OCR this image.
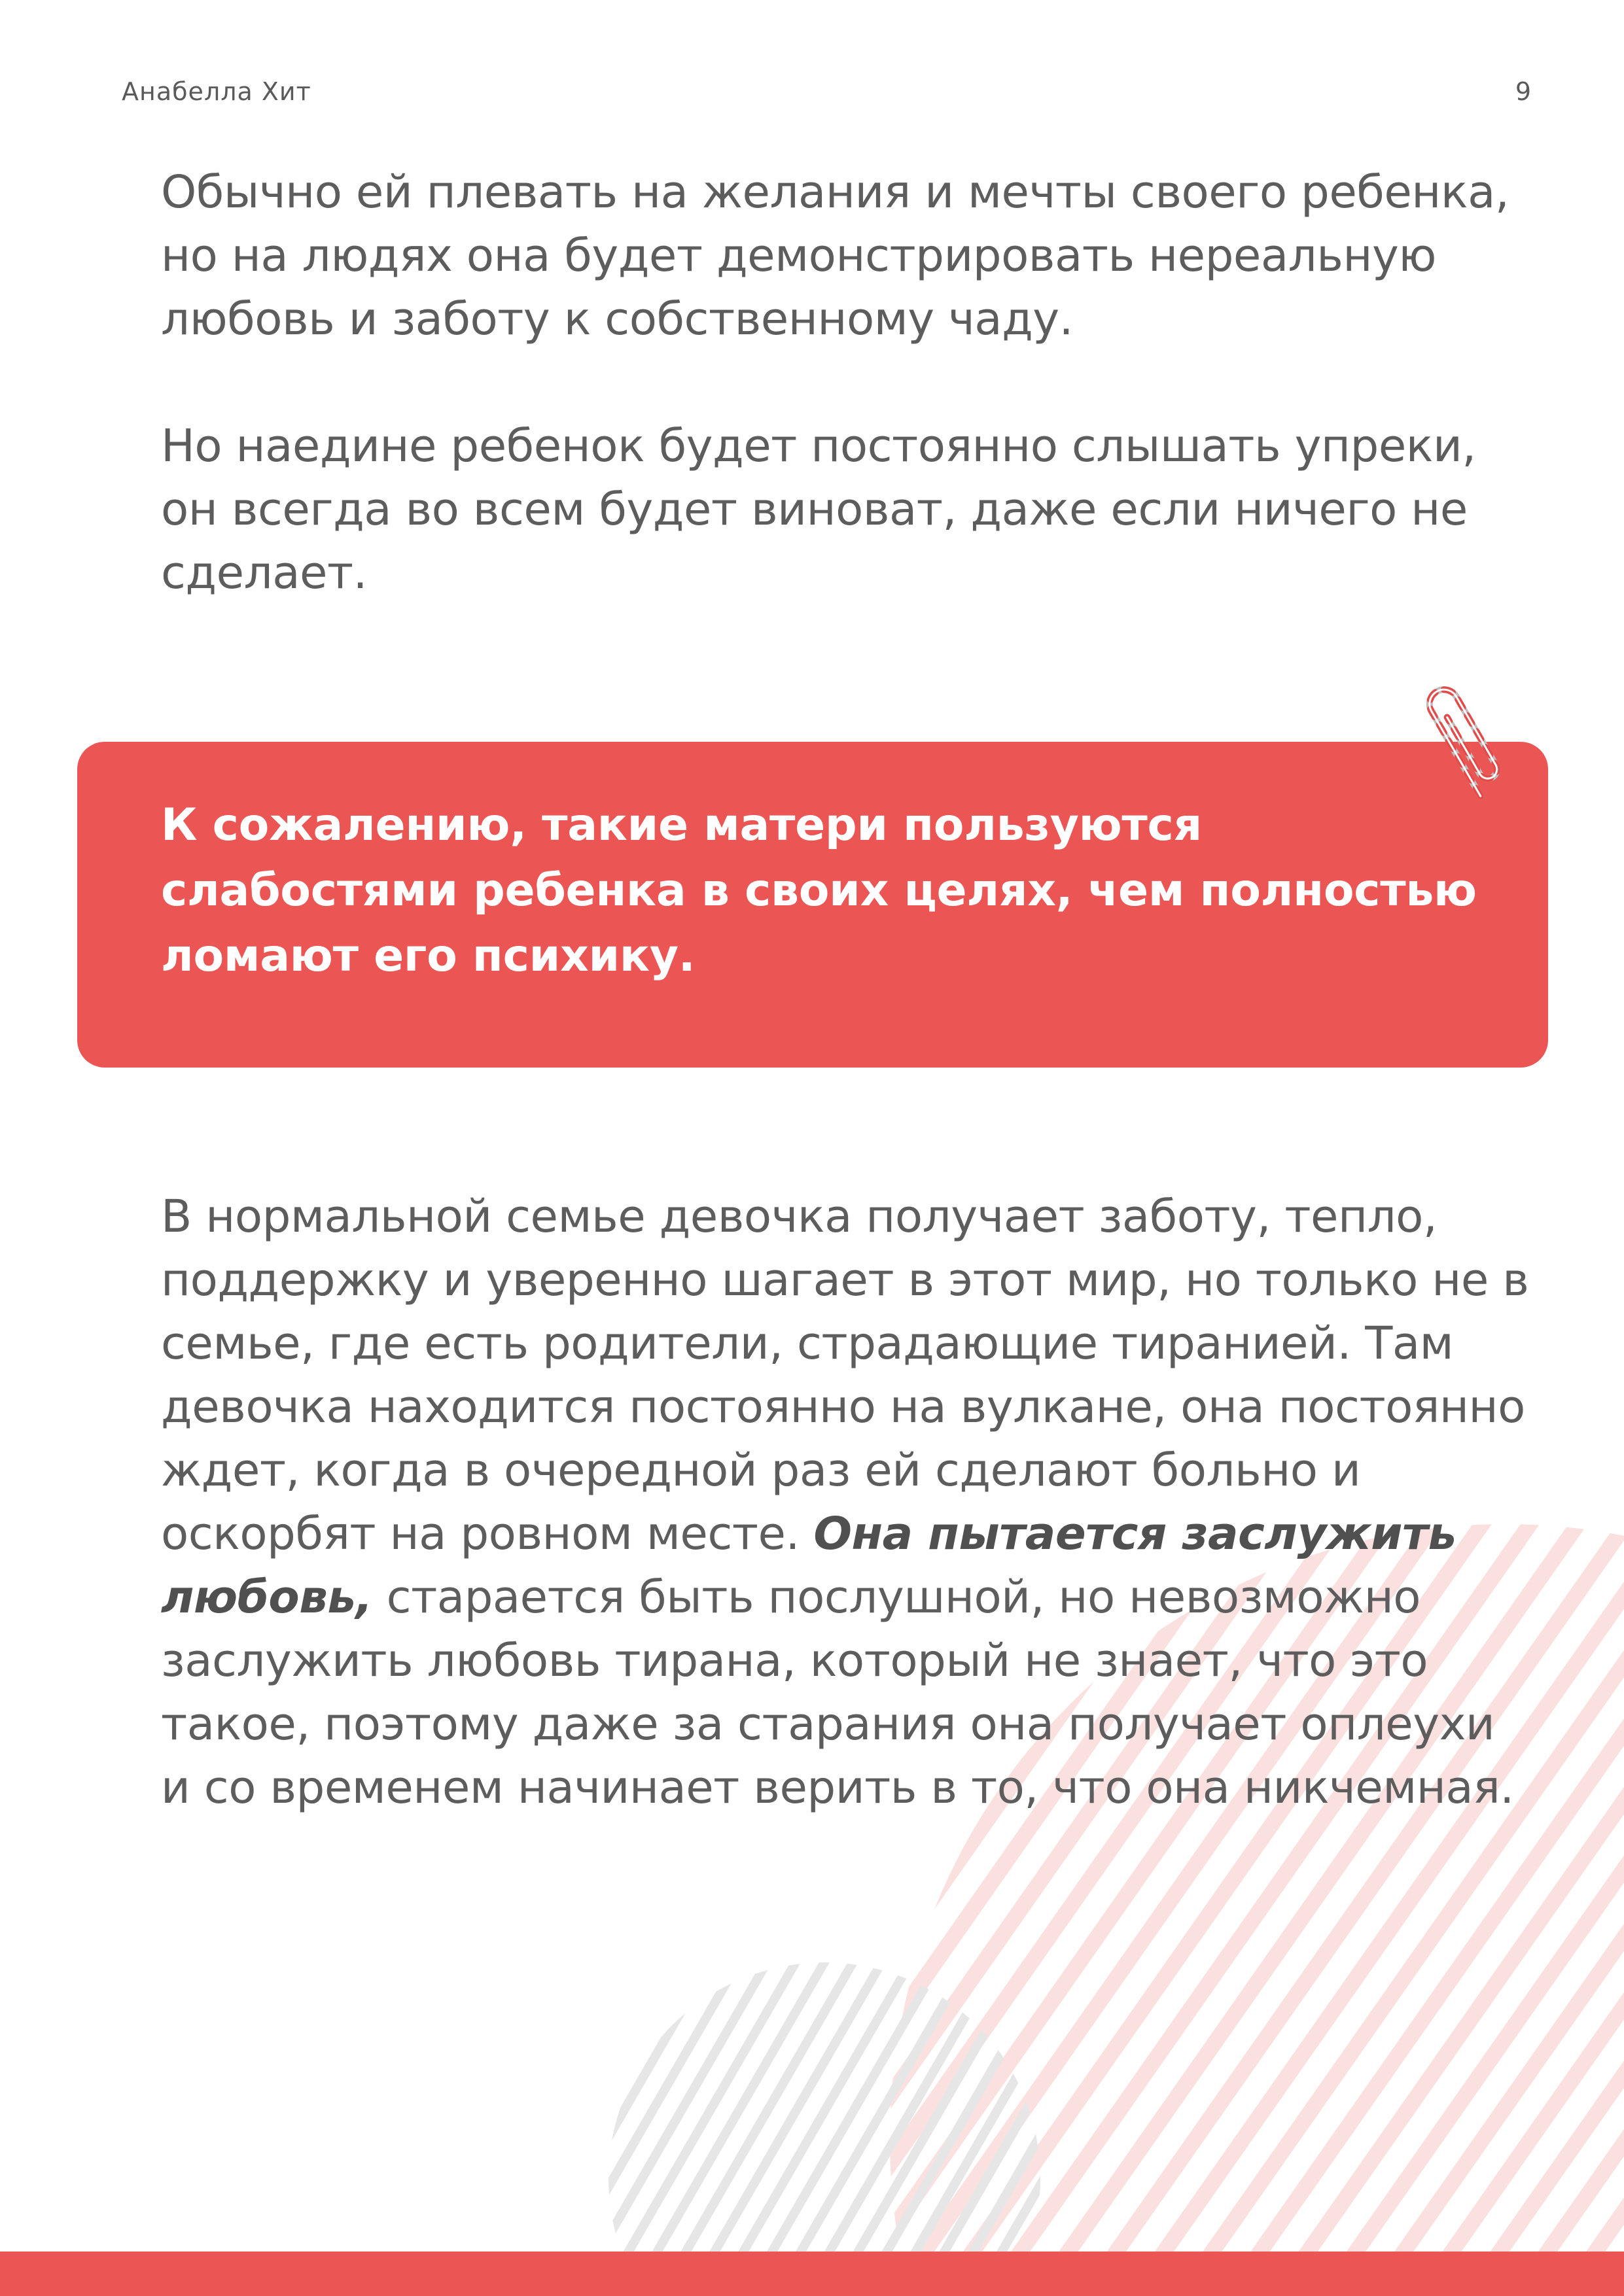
Анабелла Хит	9

Обычно ей плевать на желания и мечты своего ребенка, но на людях она будет демонстрировать нереальную любовь и заботу к собственному чаду.

Но наедине ребенок будет постоянно слышать упреки, он всегда во всем будет виноват, даже если ничего не сделает.

К сожалению, такие матери пользуются слабостями ребенка в своих целях, чем полностью ломают его психику.

В нормальной семье девочка получает заботу, тепло, поддержку и уверенно шагает в этот мир, но только не в семье, где есть родители, страдающие тиранией. Там девочка находится постоянно на вулкане, она постоянно ждет, когда в очередной раз ей сделают больно и оскорбят на ровном месте. Она пытается заслужить любовь, старается быть послушной, но невозможно заслужить любовь тирана, который не знает, что это такое, поэтому даже за старания она получает оплеухи и со временем начинает верить в то, что она никчемная.
